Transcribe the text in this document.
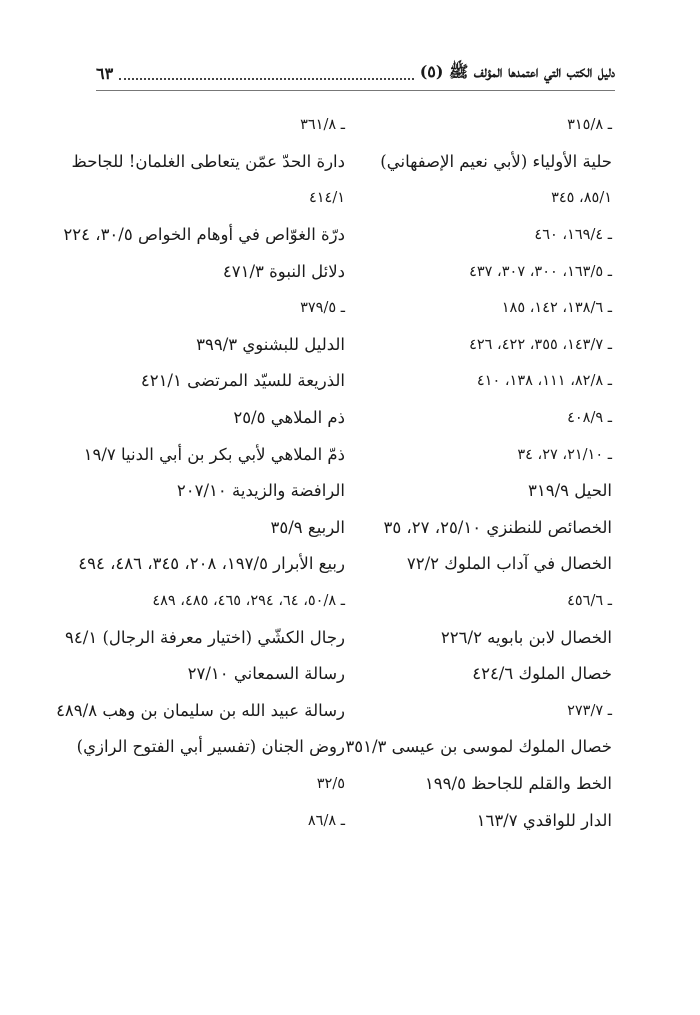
دليل الكتب التي اعتمدها المؤلف ﷺ (٥)
٦٣
ـ ٣١٥/٨
حلية الأولياء (لأبي نعيم الإصفهاني)
٨٥/١، ٣٤٥
ـ ١٦٩/٤، ٤٦٠
ـ ١٦٣/٥، ٣٠٠، ٣٠٧، ٤٣٧
ـ ١٣٨/٦، ١٤٢، ١٨٥
ـ ١٤٣/٧، ٣٥٥، ٤٢٢، ٤٢٦
ـ ٨٢/٨، ١١١، ١٣٨، ٤١٠
ـ ٤٠٨/٩
ـ ٢١/١٠، ٢٧، ٣٤
الحيل ٣١٩/٩
الخصائص للنطنزي ٢٥/١٠، ٢٧، ٣٥
الخصال في آداب الملوك ٧٢/٢
ـ ٤٥٦/٦
الخصال لابن بابويه ٢٢٦/٢
خصال الملوك ٤٢٤/٦
ـ ٢٧٣/٧
خصال الملوك لموسى بن عيسى ٣٥١/٣
الخط والقلم للجاحظ ١٩٩/٥
الدار للواقدي ١٦٣/٧
ـ ٣٦١/٨
دارة الحدّ عمّن يتعاطى الغلمان! للجاحظ
٤١٤/١
درّة الغوّاص في أوهام الخواص ٣٠/٥، ٢٢٤
دلائل النبوة ٤٧١/٣
ـ ٣٧٩/٥
الدليل للبشنوي ٣٩٩/٣
الذريعة للسيّد المرتضى ٤٢١/١
ذم الملاهي ٢٥/٥
ذمّ الملاهي لأبي بكر بن أبي الدنيا ١٩/٧
الرافضة والزيدية ٢٠٧/١٠
الربيع ٣٥/٩
ربيع الأبرار ١٩٧/٥، ٢٠٨، ٣٤٥، ٤٨٦، ٤٩٤
ـ ٥٠/٨، ٦٤، ٢٩٤، ٤٦٥، ٤٨٥، ٤٨٩
رجال الكشّي (اختيار معرفة الرجال) ٩٤/١
رسالة السمعاني ٢٧/١٠
رسالة عبيد الله بن سليمان بن وهب ٤٨٩/٨
روض الجنان (تفسير أبي الفتوح الرازي)
٣٢/٥
ـ ٨٦/٨
